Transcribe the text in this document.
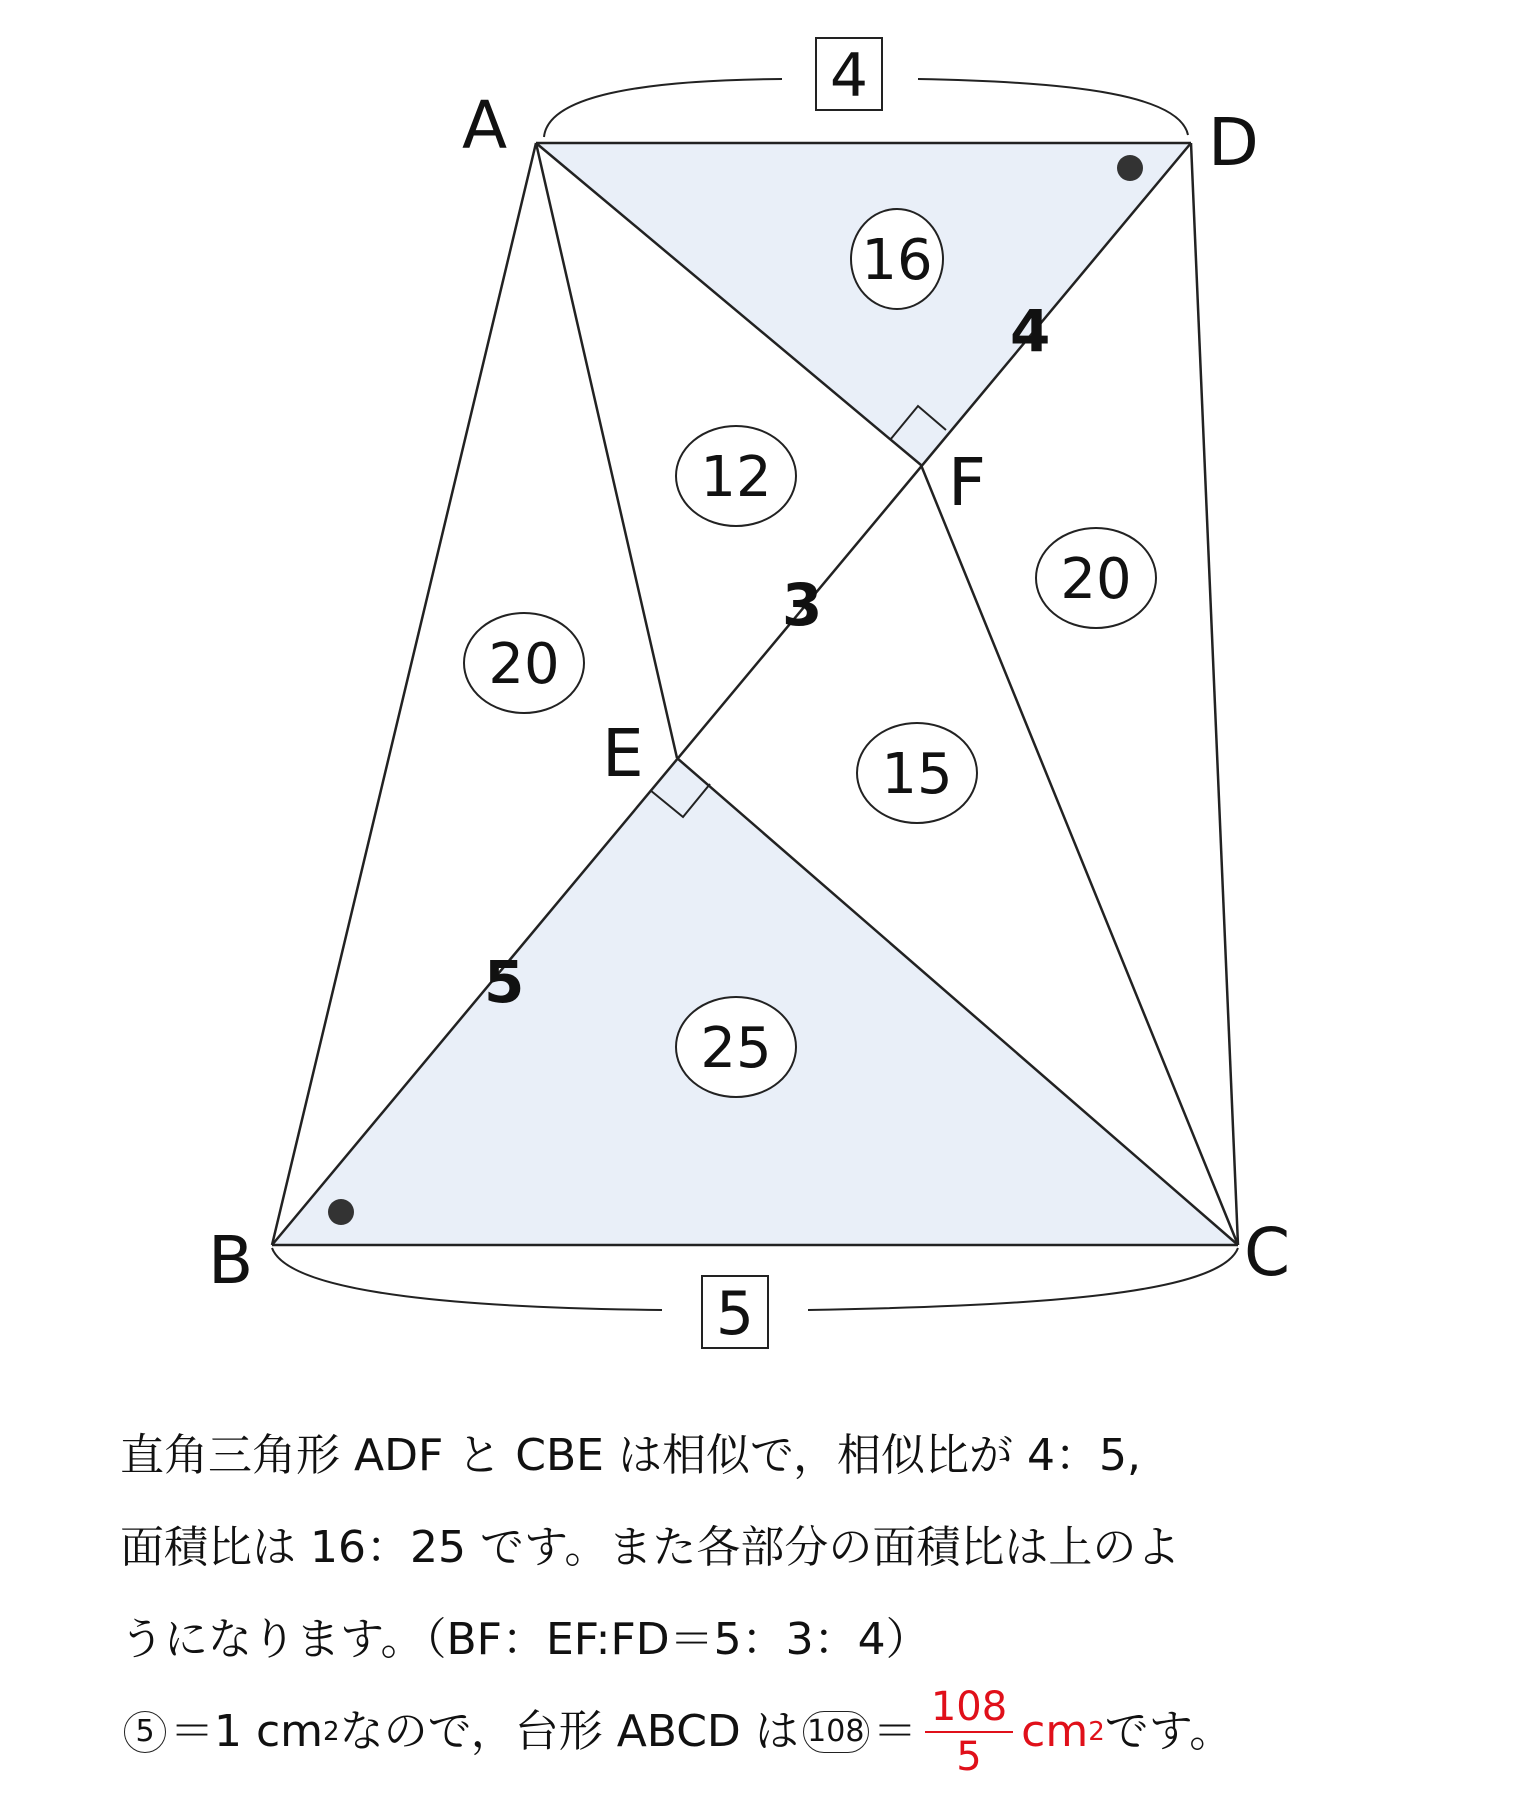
4
5
A	D
B	C
E
F
4
3
5
16
12
20
20
15
25
直角三角形 ADF と CBE は相似で，相似比が 4：5,
面積比は 16：25 です。また各部分の面積比は上のよ
うになります。（BF：EF:FD＝5：3：4）
5 ＝1 cm 2 なので，台形 ABCD は $108 = \frac{108}{5}$ cm 2 です。
